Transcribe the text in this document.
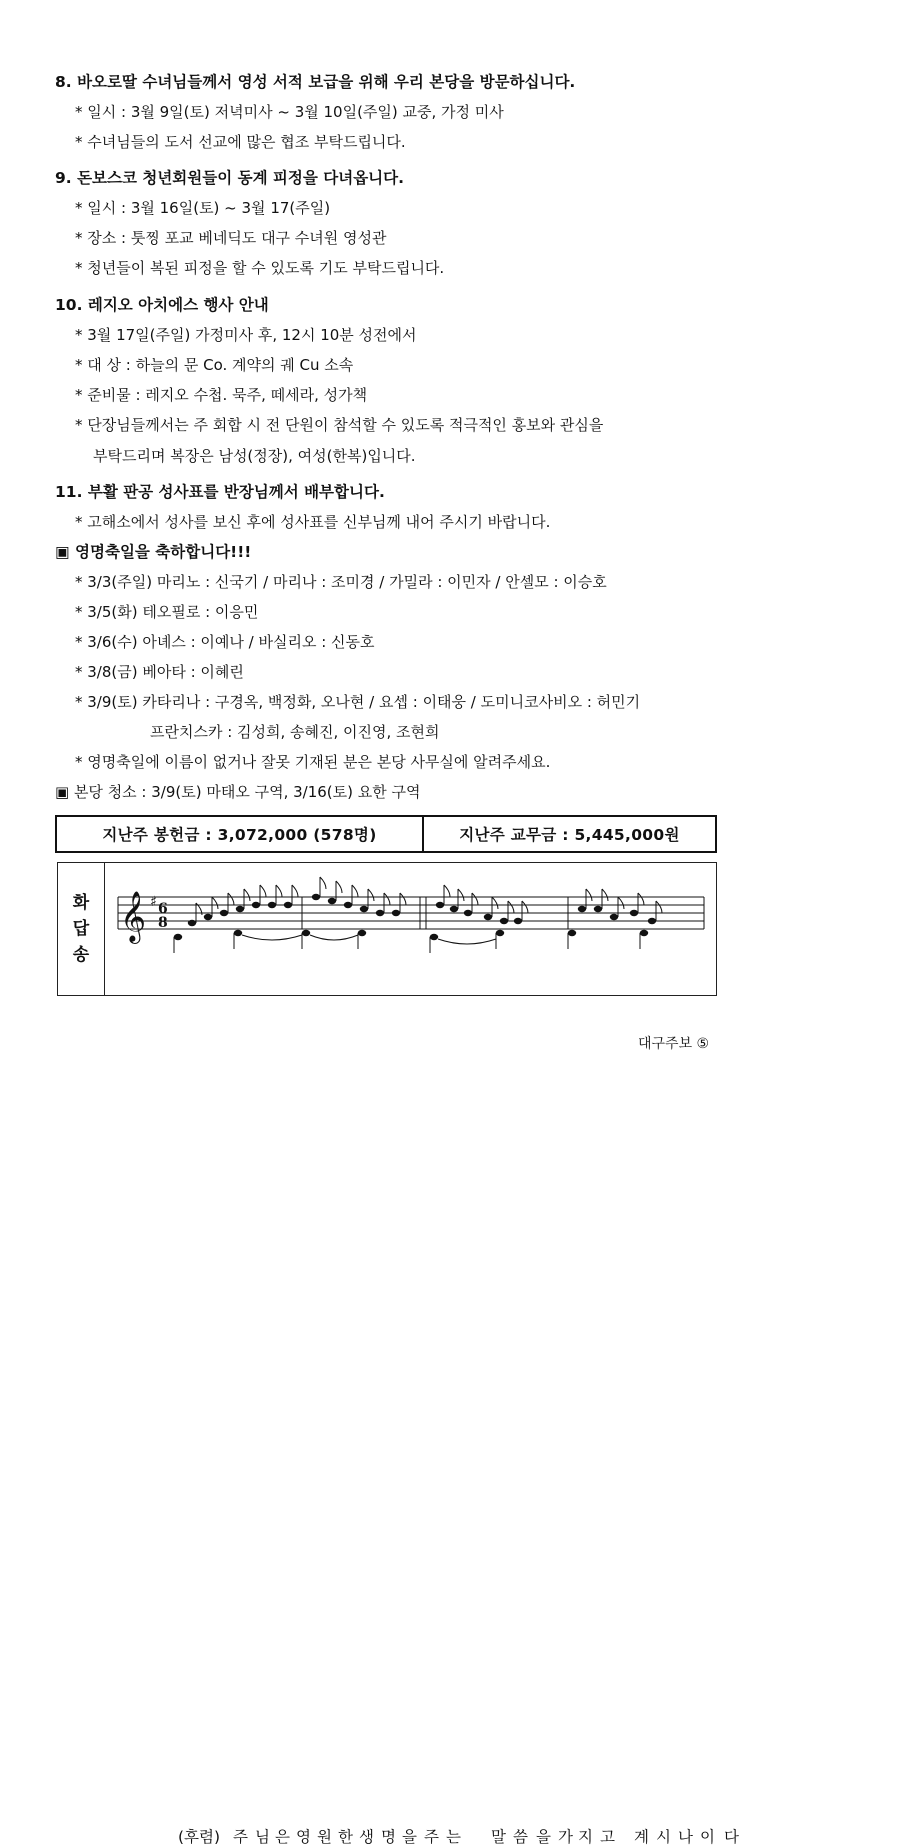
8. 바오로딸 수녀님들께서 영성 서적 보급을 위해 우리 본당을 방문하십니다.
* 일시 : 3월 9일(토) 저녁미사 ~ 3월 10일(주일) 교중, 가정 미사
* 수녀님들의 도서 선교에 많은 협조 부탁드립니다.
9. 돈보스코 청년회원들이 동계 피정을 다녀옵니다.
* 일시 : 3월 16일(토) ~ 3월 17(주일)
* 장소 : 툿찡 포교 베네딕도 대구 수녀원 영성관
* 청년들이 복된 피정을 할 수 있도록 기도 부탁드립니다.
10. 레지오 아치에스 행사 안내
* 3월 17일(주일) 가정미사 후, 12시 10분 성전에서
* 대 상 : 하늘의 문 Co. 계약의 궤 Cu 소속
* 준비물 : 레지오 수첩. 묵주, 떼세라, 성가책
* 단장님들께서는 주 회합 시 전 단원이 참석할 수 있도록 적극적인 홍보와 관심을
부탁드리며 복장은 남성(정장), 여성(한복)입니다.
11. 부활 판공 성사표를 반장님께서 배부합니다.
* 고해소에서 성사를 보신 후에 성사표를 신부님께 내어 주시기 바랍니다.
▣ 영명축일을 축하합니다!!!
* 3/3(주일) 마리노 : 신국기 / 마리나 : 조미경 / 가밀라 : 이민자 / 안셀모 : 이승호
* 3/5(화) 테오필로 : 이응민
* 3/6(수) 아녜스 : 이예나 / 바실리오 : 신동호
* 3/8(금) 베아타 : 이혜린
* 3/9(토) 카타리나 : 구경옥, 백정화, 오나현 / 요셉 : 이태웅 / 도미니코사비오 : 허민기
프란치스카 : 김성희, 송혜진, 이진영, 조현희
* 영명축일에 이름이 없거나 잘못 기재된 분은 본당 사무실에 알려주세요.
▣ 본당 청소 : 3/9(토) 마태오 구역, 3/16(토) 요한 구역
지난주 봉헌금 : 3,072,000 (578명)	지난주 교무금 : 5,445,000원
화
답
송
𝄞 ♯ 6
8
(후렴) 주 님 은 영 원 한 생 명 을 주 는 말 씀 을 가 지 고 계 시 나 이 다
대구주보 ⑤
